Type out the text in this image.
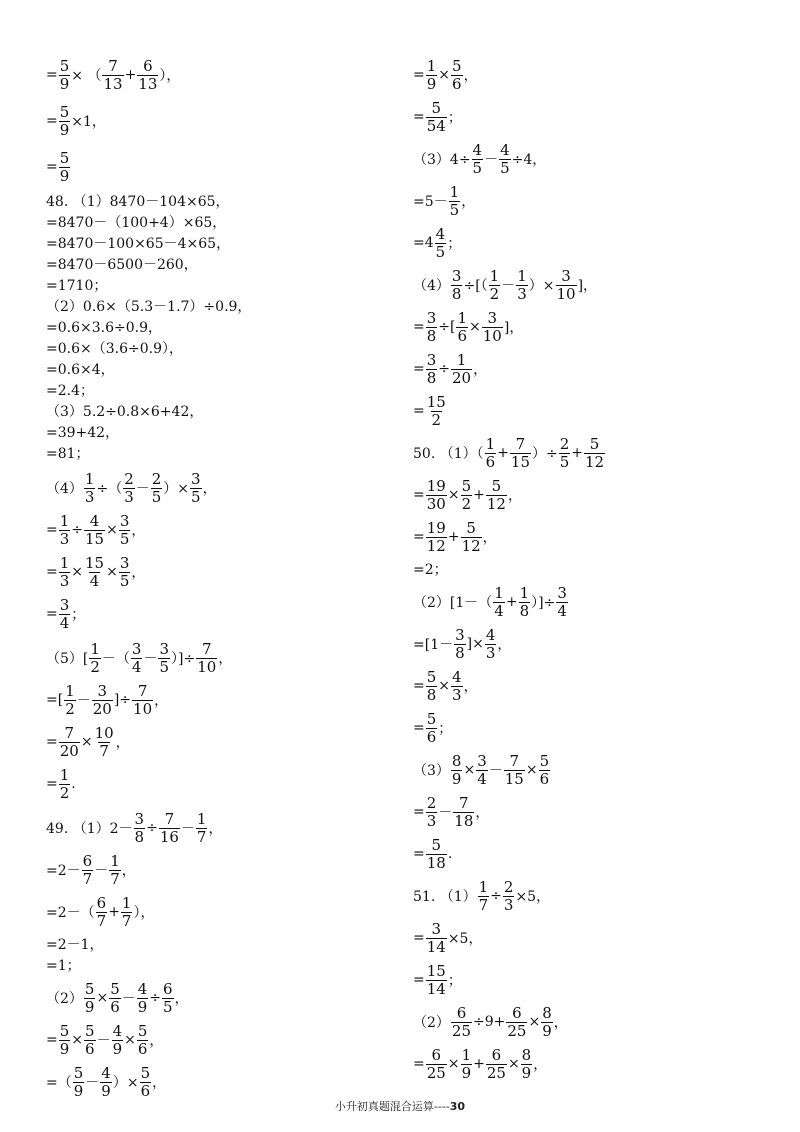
= $\frac{5}{9}$ × （ $\frac{7}{13} + \frac{6}{13}$ ），
= $\frac{5}{9} \times 1$，
= $\frac{5}{9}$
48. （1）8470－104×65，
=8470－（100+4）×65，
=8470－100×65－4×65，
=8470－6500－260，
=1710；
（2）0.6×（5.3－1.7）÷0.9，
=0.6×3.6÷0.9，
=0.6×（3.6÷0.9），
=0.6×4，
=2.4；
（3）5.2÷0.8×6+42，
=39+42，
=81；
$(4) \frac{1}{3}$ ÷（ $\frac{2}{3} - \frac{2}{5}$ ）× $\frac{3}{5}$ ，
= $\frac{1}{3} \div \frac{4}{15} \times \frac{3}{5}$ ，
= $\frac{1}{3} \times \frac{15}{4} \times \frac{3}{5}$ ，
= $\frac{3}{4}$ ；
$(5)[ \frac{1}{2}$ －（ $\frac{3}{4} - \frac{3}{5}$ ）]÷ $\frac{7}{10}$ ，
=[ $\frac{1}{2} - \frac{3}{20}$ ]÷ $\frac{7}{10}$ ，
= $\frac{7}{20} \times \frac{10}{7}$ ，
= $\frac{1}{2}$ .
49. $(1)2- \frac{3}{8} \div \frac{7}{16} - \frac{1}{7}$ ，
$=2- \frac{6}{7} - \frac{1}{7}$ ，
$=2-( \frac{6}{7} + \frac{1}{7}$ ），
=2－1，
=1；
$(2) \frac{5}{9} \times \frac{5}{6} - \frac{4}{9} \div \frac{6}{5}$ ，
= $\frac{5}{9} \times \frac{5}{6} - \frac{4}{9} \times \frac{5}{6}$ ，
=（ $\frac{5}{9} - \frac{4}{9}$ ）× $\frac{5}{6}$ ，
= $\frac{1}{9} \times \frac{5}{6}$ ，
= $\frac{5}{54}$ ；
$(3)4\div \frac{4}{5} - \frac{4}{5} \div 4$，
$=5- \frac{1}{5}$ ，
$=4 \frac{4}{5}$ ；
$(4) \frac{3}{8}$ ÷[（ $\frac{1}{2} - \frac{1}{3}$ ）× $\frac{3}{10}$ ]，
= $\frac{3}{8}$ ÷[ $\frac{1}{6} \times \frac{3}{10}$ ]，
= $\frac{3}{8} \div \frac{1}{20}$ ，
= $\frac{15}{2}$
50. $(1)( \frac{1}{6} + \frac{7}{15}$ ）÷ $\frac{2}{5} + \frac{5}{12}$
= $\frac{19}{30} \times \frac{5}{2} + \frac{5}{12}$ ，
= $\frac{19}{12} + \frac{5}{12}$ ，
=2；
$(2)[1-( \frac{1}{4} + \frac{1}{8}$ ）]÷ $\frac{3}{4}$
$=[1- \frac{3}{8}$ ]× $\frac{4}{3}$ ，
= $\frac{5}{8} \times \frac{4}{3}$ ，
= $\frac{5}{6}$ ；
$(3) \frac{8}{9} \times \frac{3}{4} - \frac{7}{15} \times \frac{5}{6}$
= $\frac{2}{3} - \frac{7}{18}$ ，
= $\frac{5}{18}$ .
51. $(1) \frac{1}{7} \div \frac{2}{3} \times 5$，
= $\frac{3}{14} \times 5$，
= $\frac{15}{14}$ ；
$(2) \frac{6}{25} \div 9+ \frac{6}{25} \times \frac{8}{9}$ ，
= $\frac{6}{25} \times \frac{1}{9} + \frac{6}{25} \times \frac{8}{9}$ ，
小升初真题混合运算----30
